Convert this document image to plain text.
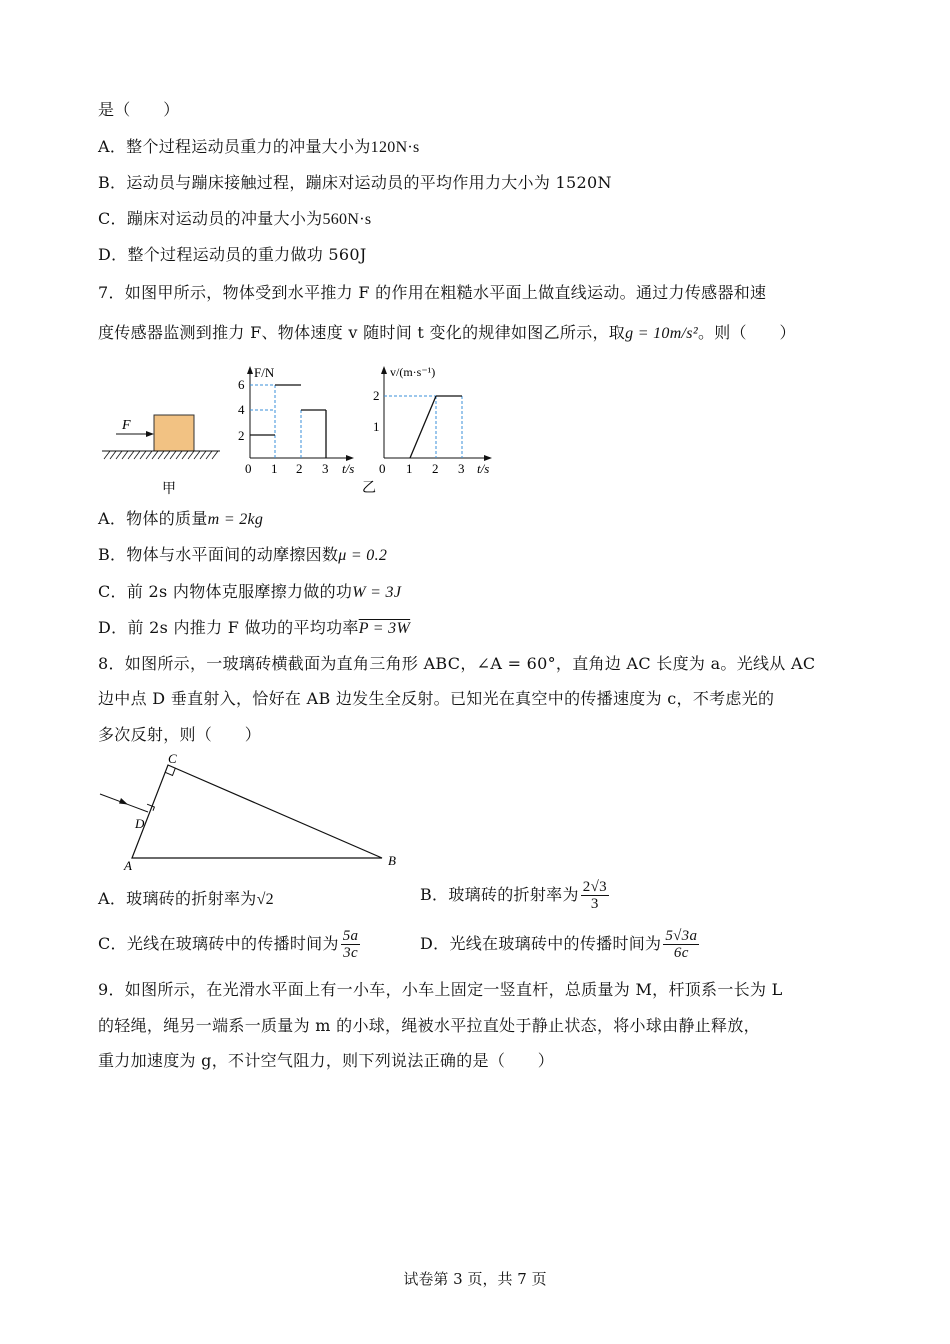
是（　　）
A．整个过程运动员重力的冲量大小为120N·s
B．运动员与蹦床接触过程，蹦床对运动员的平均作用力大小为 1520N
C．蹦床对运动员的冲量大小为560N·s
D．整个过程运动员的重力做功 560J
7．如图甲所示，物体受到水平推力 F 的作用在粗糙水平面上做直线运动。通过力传感器和速
度传感器监测到推力 F、物体速度 v 随时间 t 变化的规律如图乙所示，取g = 10m/s²。则（　　）
F
甲
F/N
t/s
2
4
6
0 1 2 3
v/(m·s⁻¹)
t/s
1
2
0 1 2 3
乙
A．物体的质量m = 2kg
B．物体与水平面间的动摩擦因数μ = 0.2
C．前 2s 内物体克服摩擦力做的功W = 3J
D．前 2s 内推力 F 做功的平均功率P = 3W
8．如图所示，一玻璃砖横截面为直角三角形 ABC，∠A = 60°，直角边 AC 长度为 a。光线从 AC
边中点 D 垂直射入，恰好在 AB 边发生全反射。已知光在真空中的传播速度为 c，不考虑光的
多次反射，则（　　）
A	B
C
D
A．玻璃砖的折射率为√2	B．玻璃砖的折射率为 $\frac{2√3}{3}$
C．光线在玻璃砖中的传播时间为 $\frac{5a}{3c}$	D．光线在玻璃砖中的传播时间为 $\frac{5√3a}{6c}$
9．如图所示，在光滑水平面上有一小车，小车上固定一竖直杆，总质量为 M，杆顶系一长为 L
的轻绳，绳另一端系一质量为 m 的小球，绳被水平拉直处于静止状态，将小球由静止释放，
重力加速度为 g，不计空气阻力，则下列说法正确的是（　　）
试卷第 3 页，共 7 页
